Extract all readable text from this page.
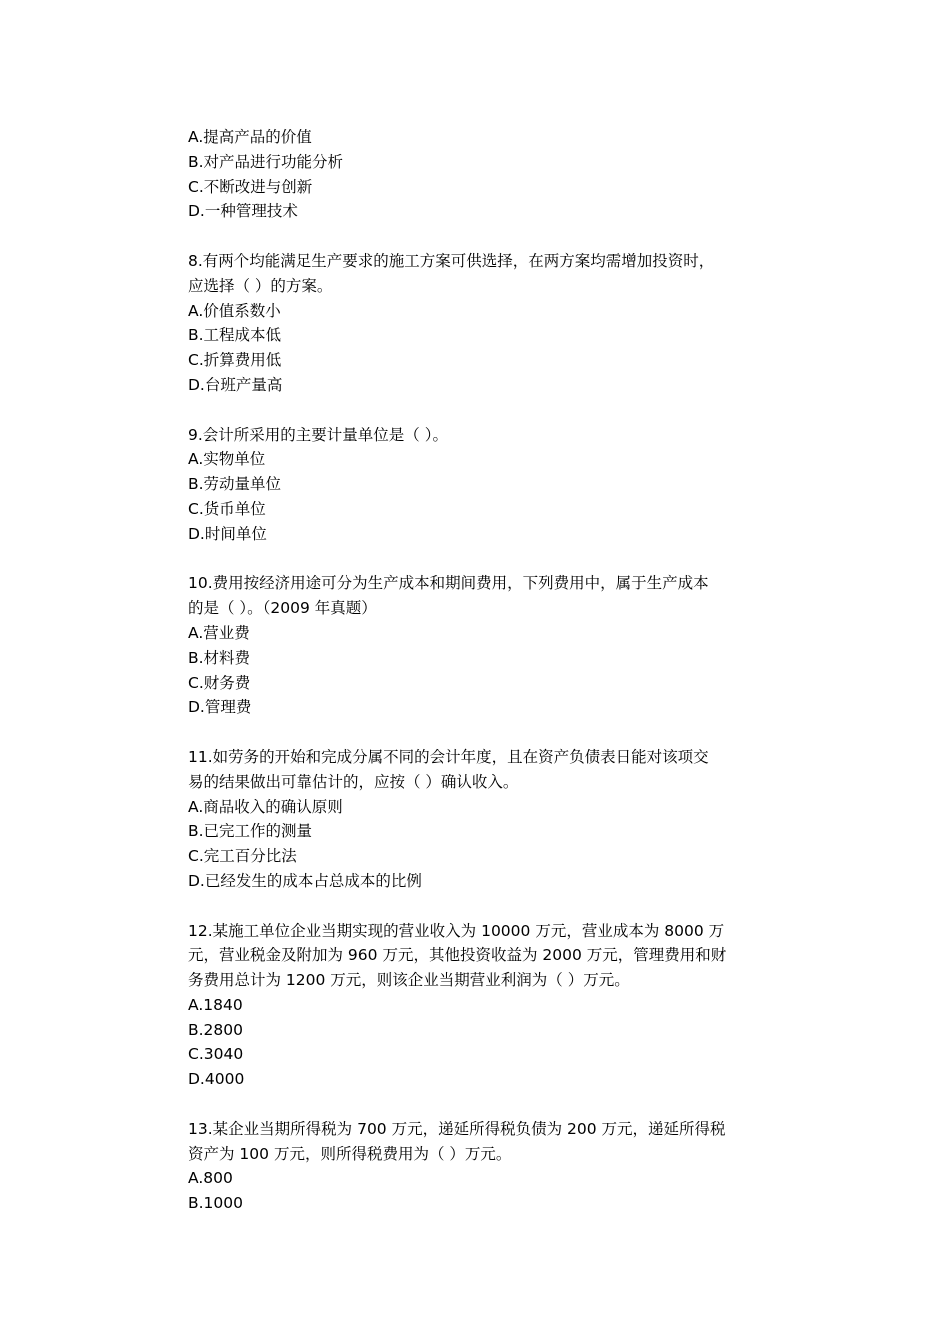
A.提高产品的价值

B.对产品进行功能分析

C.不断改进与创新

D.一种管理技术

8.有两个均能满足生产要求的施工方案可供选择，在两方案均需增加投资时，

应选择（ ）的方案。

A.价值系数小

B.工程成本低

C.折算费用低

D.台班产量高

9.会计所采用的主要计量单位是（ ）。

A.实物单位

B.劳动量单位

C.货币单位

D.时间单位

10.费用按经济用途可分为生产成本和期间费用，下列费用中，属于生产成本

的是（ ）。（2009 年真题）

A.营业费

B.材料费

C.财务费

D.管理费

11.如劳务的开始和完成分属不同的会计年度，且在资产负债表日能对该项交

易的结果做出可靠估计的，应按（ ）确认收入。

A.商品收入的确认原则

B.已完工作的测量

C.完工百分比法

D.已经发生的成本占总成本的比例

12.某施工单位企业当期实现的营业收入为 10000 万元，营业成本为 8000 万

元，营业税金及附加为 960 万元，其他投资收益为 2000 万元，管理费用和财

务费用总计为 1200 万元，则该企业当期营业利润为（ ）万元。

A.1840

B.2800

C.3040

D.4000

13.某企业当期所得税为 700 万元，递延所得税负债为 200 万元，递延所得税

资产为 100 万元，则所得税费用为（ ）万元。

A.800

B.1000
